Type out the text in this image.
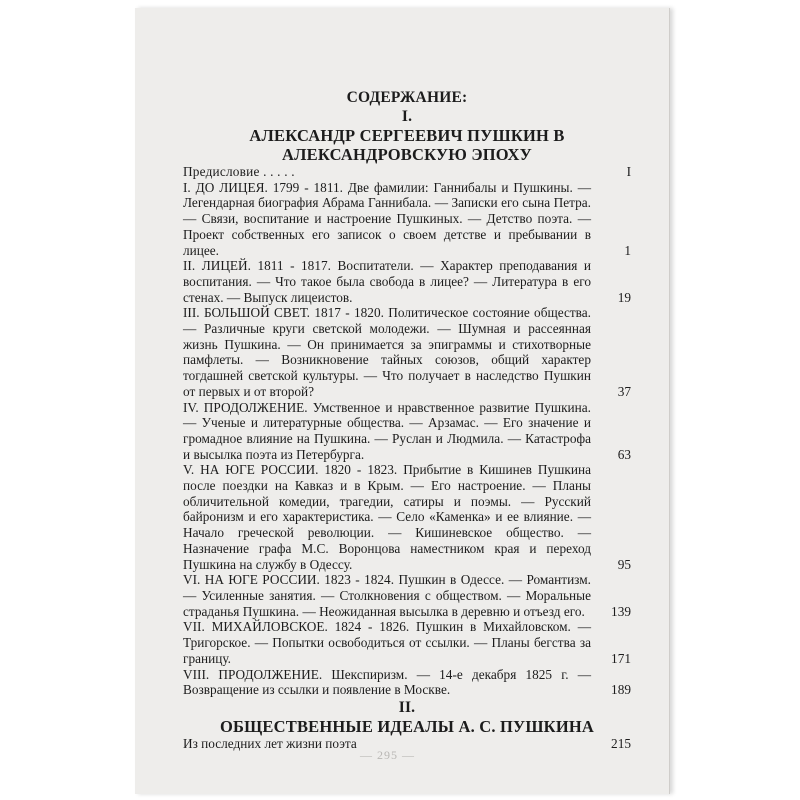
СОДЕРЖАНИЕ:
I.
АЛЕКСАНДР СЕРГЕЕВИЧ ПУШКИН В АЛЕКСАНДРОВСКУЮ ЭПОХУ
Предисловие . . . . .	I
I. ДО ЛИЦЕЯ. 1799 - 1811. Две фамилии: Ганнибалы и Пушкины. — Легендарная биография Абрама Ганнибала. — Записки его сына Петра. — Связи, воспитание и настроение Пушкиных. — Детство поэта. — Проект собственных его записок о своем детстве и пребывании в лицее.	1
II. ЛИЦЕЙ. 1811 - 1817. Воспитатели. — Характер преподавания и воспитания. — Что такое была свобода в лицее? — Литература в его стенах. — Выпуск лицеистов.	19
III. БОЛЬШОЙ СВЕТ. 1817 - 1820. Политическое состояние общества. — Различные круги светской молодежи. — Шумная и рассеянная жизнь Пушкина. — Он принимается за эпиграммы и стихотворные памфлеты. — Возникновение тайных союзов, общий характер тогдашней светской культуры. — Что получает в наследство Пушкин от первых и от второй?	37
IV. ПРОДОЛЖЕНИЕ. Умственное и нравственное развитие Пушкина. — Ученые и литературные общества. — Арзамас. — Его значение и громадное влияние на Пушкина. — Руслан и Людмила. — Катастрофа и высылка поэта из Петербурга.	63
V. НА ЮГЕ РОССИИ. 1820 - 1823. Прибытие в Кишинев Пушкина после поездки на Кавказ и в Крым. — Его настроение. — Планы обличительной комедии, трагедии, сатиры и поэмы. — Русский байронизм и его характеристика. — Село «Каменка» и ее влияние. — Начало греческой революции. — Кишиневское общество. — Назначение графа М.С. Воронцова наместником края и переход Пушкина на службу в Одессу.	95
VI. НА ЮГЕ РОССИИ. 1823 - 1824. Пушкин в Одессе. — Романтизм. — Усиленные занятия. — Столкновения с обществом. — Моральные страданья Пушкина. — Неожиданная высылка в деревню и отъезд его.	139
VII. МИХАЙЛОВСКОЕ. 1824 - 1826. Пушкин в Михайловском. — Тригорское. — Попытки освободиться от ссылки. — Планы бегства за границу.	171
VIII. ПРОДОЛЖЕНИЕ. Шекспиризм. — 14-е декабря 1825 г. — Возвращение из ссылки и появление в Москве.	189
II.
ОБЩЕСТВЕННЫЕ ИДЕАЛЫ А. С. ПУШКИНА
Из последних лет жизни поэта	215
— 295 —
